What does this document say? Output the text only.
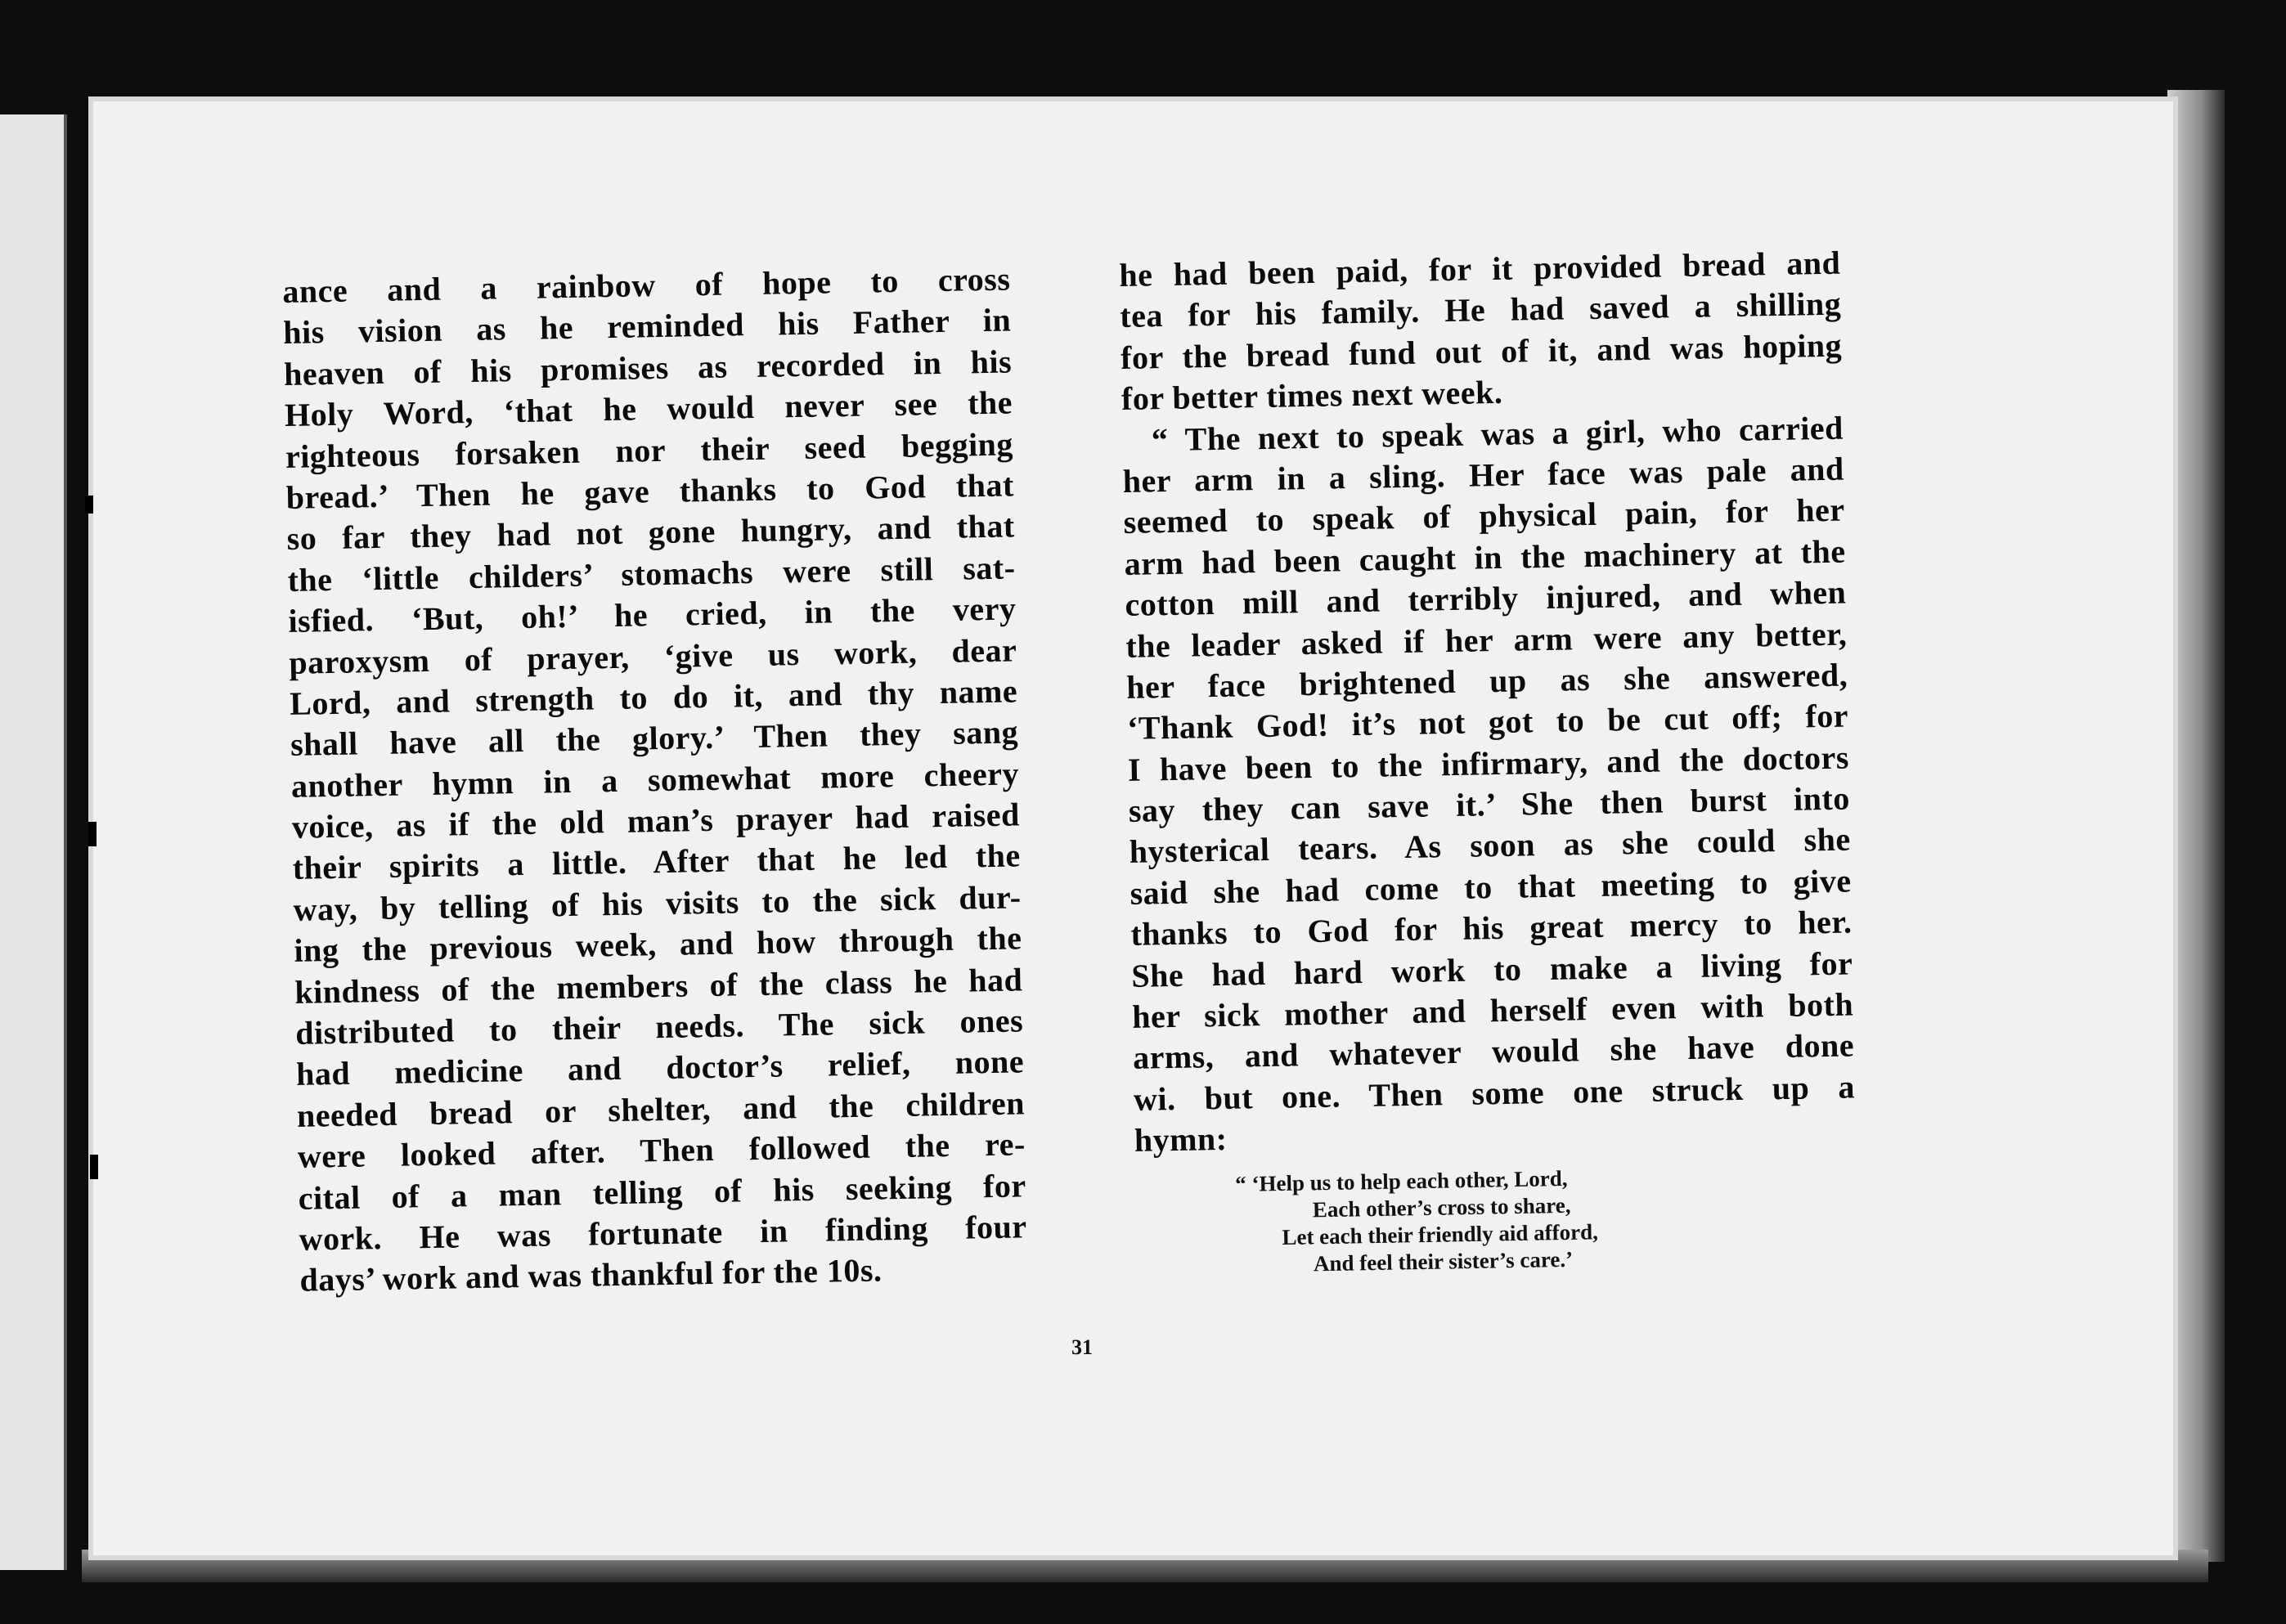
ance and a rainbow of hope to cross
his vision as he reminded his Father in
heaven of his promises as recorded in his
Holy Word, ‘that he would never see the
righteous forsaken nor their seed begging
bread.’ Then he gave thanks to God that
so far they had not gone hungry, and that
the ‘little childers’ stomachs were still sat-
isfied. ‘But, oh!’ he cried, in the very
paroxysm of prayer, ‘give us work, dear
Lord, and strength to do it, and thy name
shall have all the glory.’ Then they sang
another hymn in a somewhat more cheery
voice, as if the old man’s prayer had raised
their spirits a little. After that he led the
way, by telling of his visits to the sick dur-
ing the previous week, and how through the
kindness of the members of the class he had
distributed to their needs. The sick ones
had medicine and doctor’s relief, none
needed bread or shelter, and the children
were looked after. Then followed the re-
cital of a man telling of his seeking for
work. He was fortunate in finding four
days’ work and was thankful for the 10s.
he had been paid, for it provided bread and
tea for his family. He had saved a shilling
for the bread fund out of it, and was hoping
for better times next week.
“ The next to speak was a girl, who carried
her arm in a sling. Her face was pale and
seemed to speak of physical pain, for her
arm had been caught in the machinery at the
cotton mill and terribly injured, and when
the leader asked if her arm were any better,
her face brightened up as she answered,
‘Thank God! it’s not got to be cut off; for
I have been to the infirmary, and the doctors
say they can save it.’ She then burst into
hysterical tears. As soon as she could she
said she had come to that meeting to give
thanks to God for his great mercy to her.
She had hard work to make a living for
her sick mother and herself even with both
arms, and whatever would she have done
wi. but one. Then some one struck up a
hymn:
“ ‘Help us to help each other, Lord,
Each other’s cross to share,
Let each their friendly aid afford,
And feel their sister’s care.’
31
